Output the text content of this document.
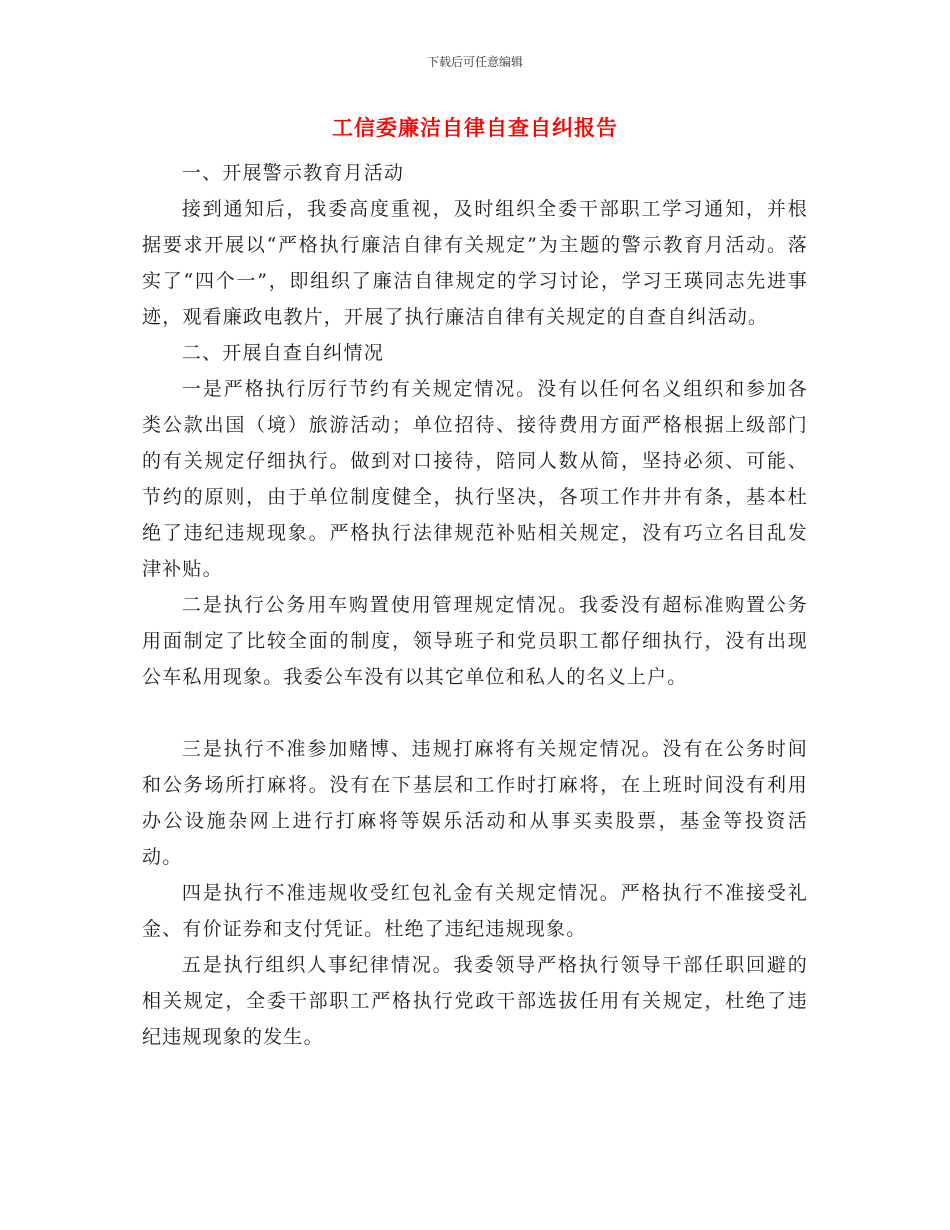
下载后可任意编辑
工信委廉洁自律自查自纠报告

一、开展警示教育月活动

接到通知后，我委高度重视，及时组织全委干部职工学习通知，并根据要求开展以“严格执行廉洁自律有关规定”为主题的警示教育月活动。落实了“四个一”，即组织了廉洁自律规定的学习讨论，学习王瑛同志先进事迹，观看廉政电教片，开展了执行廉洁自律有关规定的自查自纠活动。

二、开展自查自纠情况

一是严格执行厉行节约有关规定情况。没有以任何名义组织和参加各类公款出国（境）旅游活动；单位招待、接待费用方面严格根据上级部门的有关规定仔细执行。做到对口接待，陪同人数从简，坚持必须、可能、节约的原则，由于单位制度健全，执行坚决，各项工作井井有条，基本杜绝了违纪违规现象。严格执行法律规范补贴相关规定，没有巧立名目乱发津补贴。

二是执行公务用车购置使用管理规定情况。我委没有超标准购置公务用面制定了比较全面的制度，领导班子和党员职工都仔细执行，没有出现公车私用现象。我委公车没有以其它单位和私人的名义上户。

三是执行不准参加赌博、违规打麻将有关规定情况。没有在公务时间和公务场所打麻将。没有在下基层和工作时打麻将，在上班时间没有利用办公设施杂网上进行打麻将等娱乐活动和从事买卖股票，基金等投资活动。

四是执行不准违规收受红包礼金有关规定情况。严格执行不准接受礼金、有价证券和支付凭证。杜绝了违纪违规现象。

五是执行组织人事纪律情况。我委领导严格执行领导干部任职回避的相关规定，全委干部职工严格执行党政干部选拔任用有关规定，杜绝了违纪违规现象的发生。
